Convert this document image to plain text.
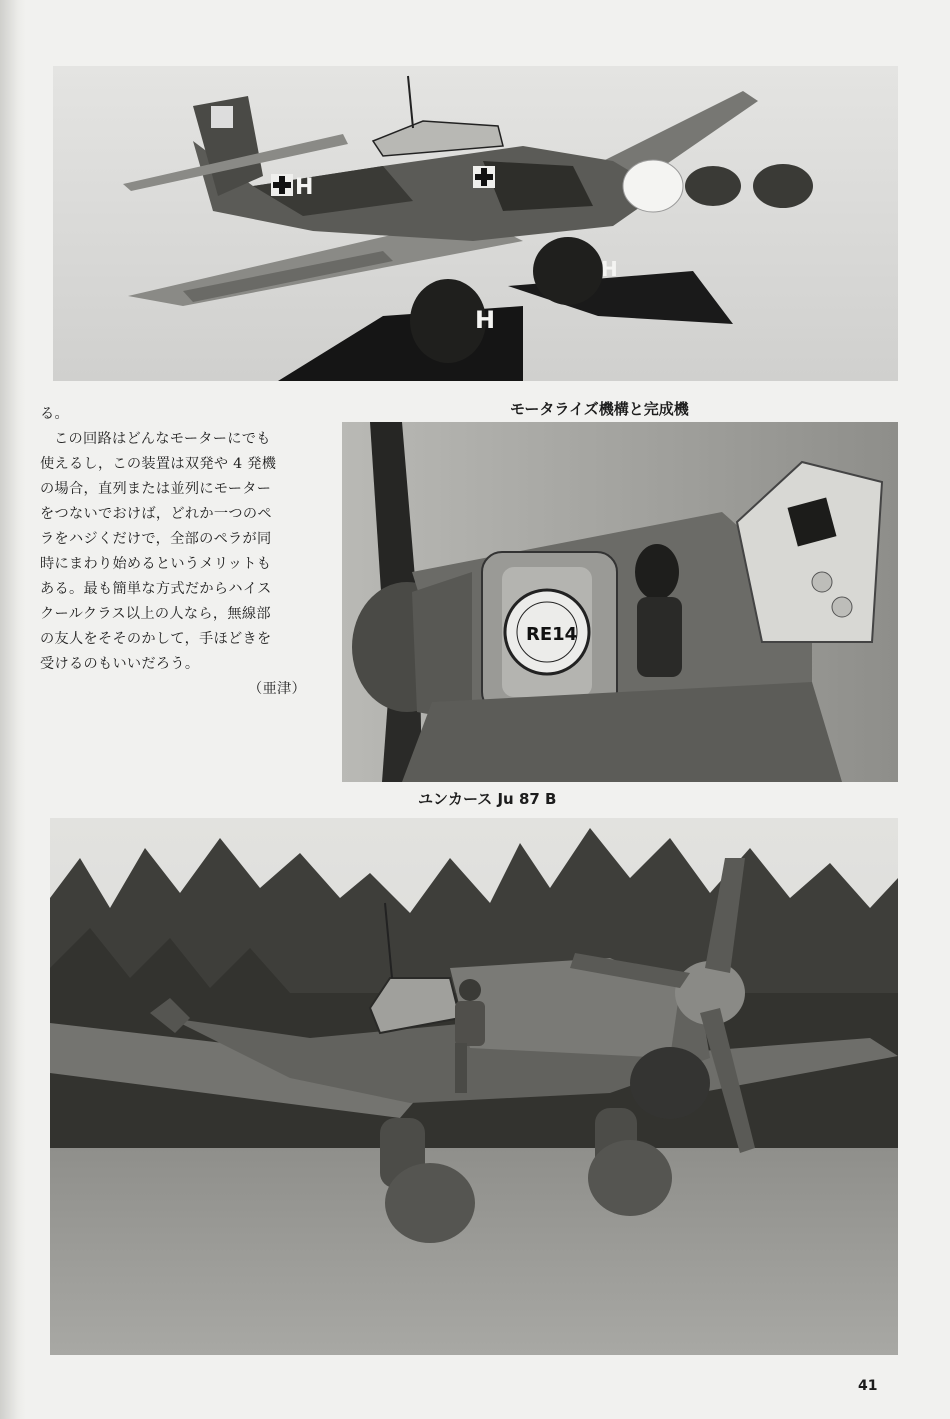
H
H
H
モータライズ機構と完成機
る。
この回路はどんなモーターにでも
使えるし，この装置は双発や 4 発機
の場合，直列または並列にモーター
をつないでおけば，どれか一つのペ
ラをハジくだけで，全部のペラが同
時にまわり始めるというメリットも
ある。最も簡単な方式だからハイス
クールクラス以上の人なら，無線部
の友人をそそのかして，手ほどきを
受けるのもいいだろう。
（亜津）
RE14
ユンカース Ju 87 B
41
